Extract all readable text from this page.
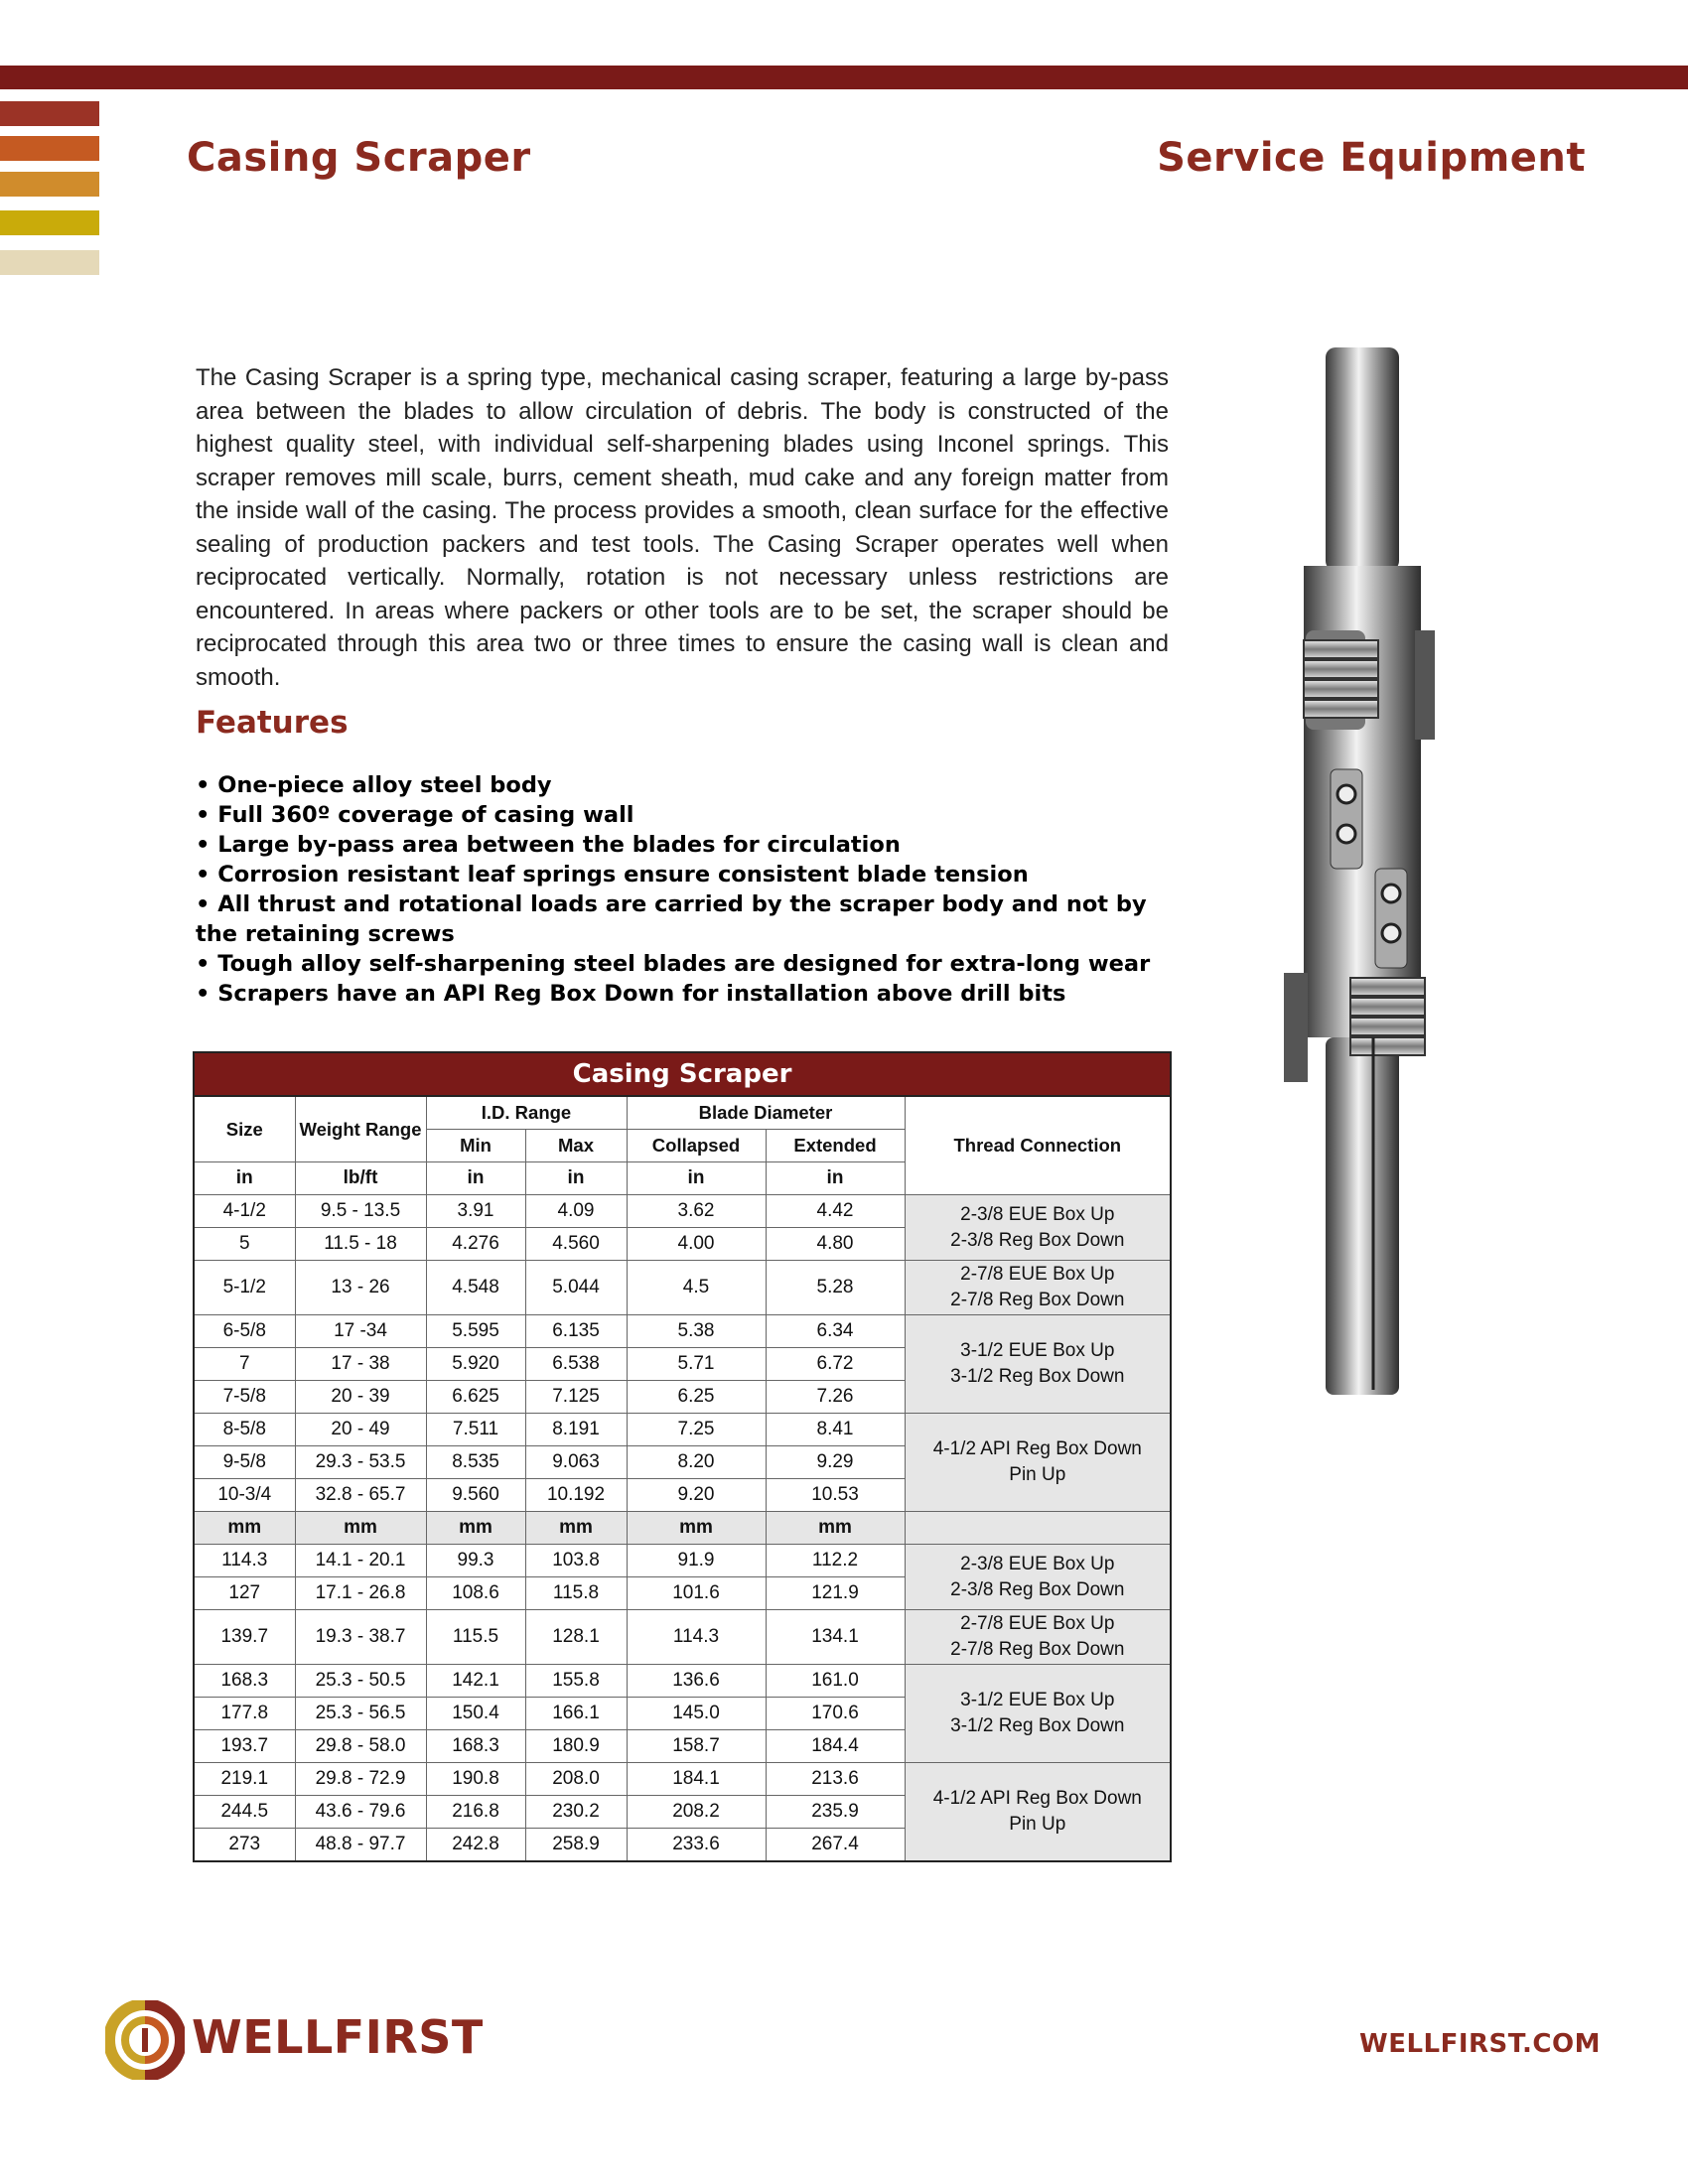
Casing Scraper	Service Equipment

The Casing Scraper is a spring type, mechanical casing scraper, featuring a large by-pass area between the blades to allow circulation of debris. The body is constructed of the highest quality steel, with individual self-sharpening blades using Inconel springs. This scraper removes mill scale, burrs, cement sheath, mud cake and any foreign matter from the inside wall of the casing. The process provides a smooth, clean surface for the effective sealing of production packers and test tools. The Casing Scraper operates well when reciprocated vertically. Normally, rotation is not necessary unless restrictions are encountered. In areas where packers or other tools are to be set, the scraper should be reciprocated through this area two or three times to ensure the casing wall is clean and smooth.

Features
• One-piece alloy steel body
• Full 360º coverage of casing wall
• Large by-pass area between the blades for circulation
• Corrosion resistant leaf springs ensure consistent blade tension
• All thrust and rotational loads are carried by the scraper body and not by the retaining screws
• Tough alloy self-sharpening steel blades are designed for extra-long wear
• Scrapers have an API Reg Box Down for installation above drill bits
Casing Scraper						
Size	Weight Range	I.D. Range		Blade Diameter		Thread Connection
		Min	Max	Collapsed	Extended	
in	lb/ft	in	in	in	in	
4-1/2	9.5 - 13.5	3.91	4.09	3.62	4.42	2-3/8 EUE Box Up
2-3/8 Reg Box Down

5	11.5 - 18	4.276	4.560	4.00	4.80	
5-1/2	13 - 26	4.548	5.044	4.5	5.28	2-7/8 EUE Box Up
2-7/8 Reg Box Down

6-5/8	17 -34	5.595	6.135	5.38	6.34	3-1/2 EUE Box Up
3-1/2 Reg Box Down

7	17 - 38	5.920	6.538	5.71	6.72	
7-5/8	20 - 39	6.625	7.125	6.25	7.26	
8-5/8	20 - 49	7.511	8.191	7.25	8.41	4-1/2 API Reg Box Down
Pin Up

9-5/8	29.3 - 53.5	8.535	9.063	8.20	9.29	
10-3/4	32.8 - 65.7	9.560	10.192	9.20	10.53	
mm	mm	mm	mm	mm	mm	
114.3	14.1 - 20.1	99.3	103.8	91.9	112.2	2-3/8 EUE Box Up
2-3/8 Reg Box Down

127	17.1 - 26.8	108.6	115.8	101.6	121.9	
139.7	19.3 - 38.7	115.5	128.1	114.3	134.1	2-7/8 EUE Box Up
2-7/8 Reg Box Down

168.3	25.3 - 50.5	142.1	155.8	136.6	161.0	3-1/2 EUE Box Up
3-1/2 Reg Box Down

177.8	25.3 - 56.5	150.4	166.1	145.0	170.6	
193.7	29.8 - 58.0	168.3	180.9	158.7	184.4	
219.1	29.8 - 72.9	190.8	208.0	184.1	213.6	4-1/2 API Reg Box Down
Pin Up

244.5	43.6 - 79.6	216.8	230.2	208.2	235.9	
273	48.8 - 97.7	242.8	258.9	233.6	267.4	
WELLFIRST	WELLFIRST.COM
